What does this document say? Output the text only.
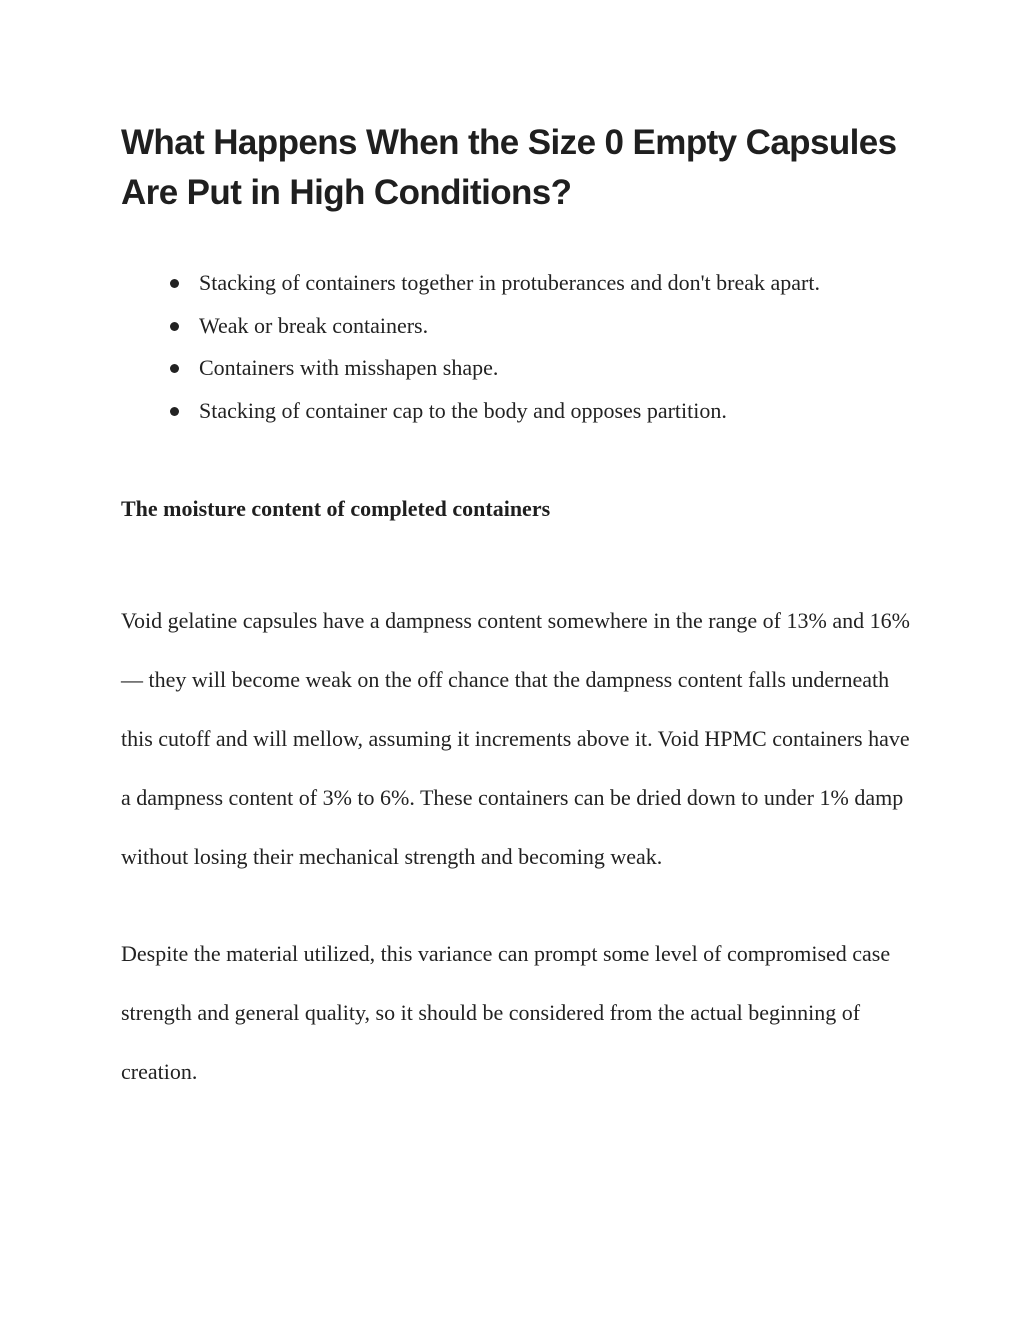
What Happens When the Size 0 Empty Capsules Are Put in High Conditions?
Stacking of containers together in protuberances and don't break apart.
Weak or break containers.
Containers with misshapen shape.
Stacking of container cap to the body and opposes partition.

The moisture content of completed containers

Void gelatine capsules have a dampness content somewhere in the range of 13% and 16% — they will become weak on the off chance that the dampness content falls underneath this cutoff and will mellow, assuming it increments above it. Void HPMC containers have a dampness content of 3% to 6%. These containers can be dried down to under 1% damp without losing their mechanical strength and becoming weak.

Despite the material utilized, this variance can prompt some level of compromised case strength and general quality, so it should be considered from the actual beginning of creation.
